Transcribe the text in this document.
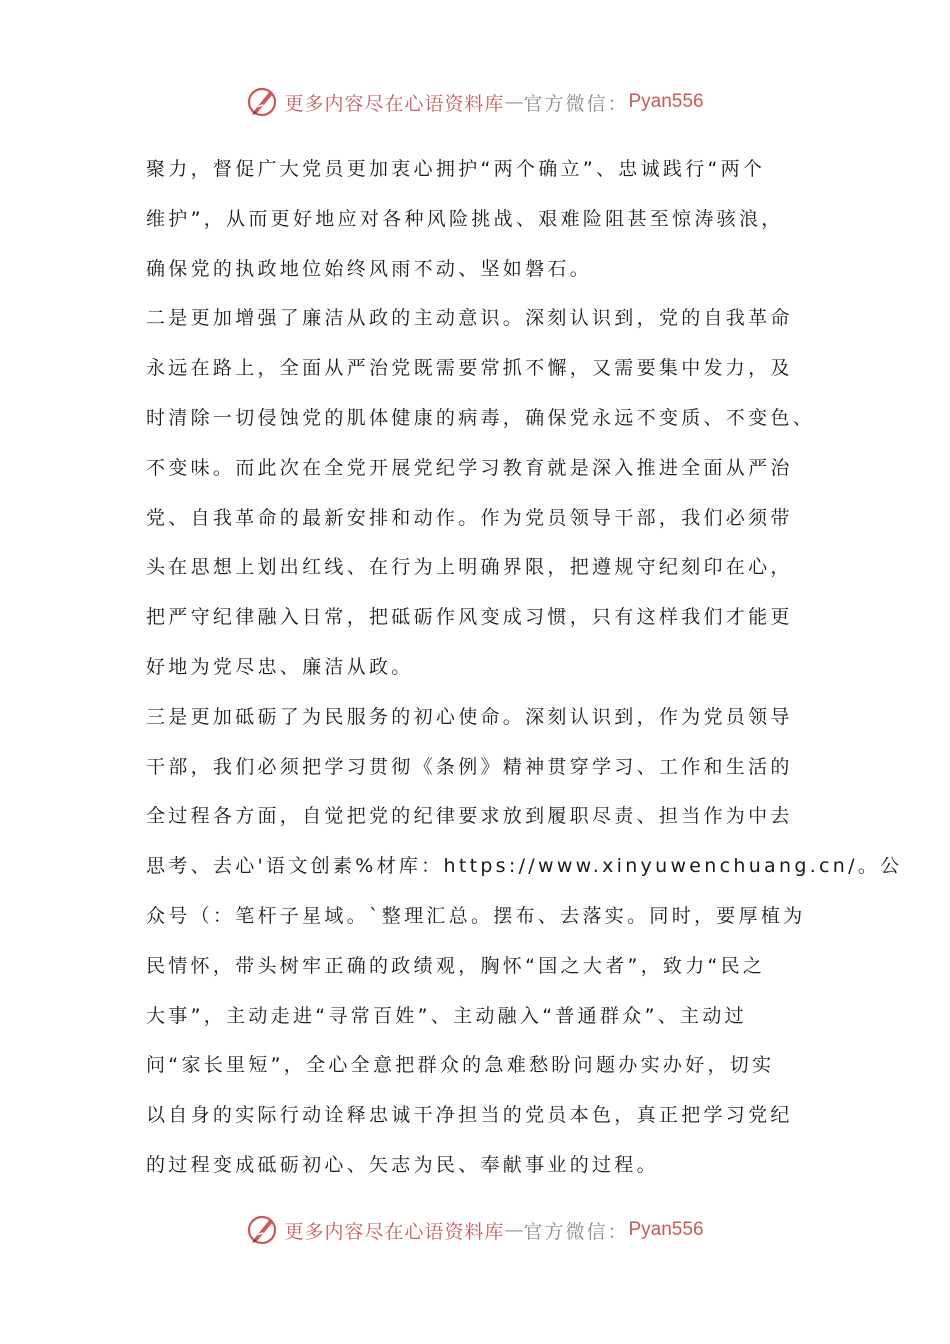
更多内容尽在心语资料库 — 官方微信： Pyan556
聚力，督促广大党员更加衷心拥护“两个确立”、忠诚践行“两个
维护”，从而更好地应对各种风险挑战、艰难险阻甚至惊涛骇浪，
确保党的执政地位始终风雨不动、坚如磐石。
二是更加增强了廉洁从政的主动意识。深刻认识到，党的自我革命
永远在路上，全面从严治党既需要常抓不懈，又需要集中发力，及
时清除一切侵蚀党的肌体健康的病毒，确保党永远不变质、不变色、
不变味。而此次在全党开展党纪学习教育就是深入推进全面从严治
党、自我革命的最新安排和动作。作为党员领导干部，我们必须带
头在思想上划出红线、在行为上明确界限，把遵规守纪刻印在心，
把严守纪律融入日常，把砥砺作风变成习惯，只有这样我们才能更
好地为党尽忠、廉洁从政。
三是更加砥砺了为民服务的初心使命。深刻认识到，作为党员领导
干部，我们必须把学习贯彻《条例》精神贯穿学习、工作和生活的
全过程各方面，自觉把党的纪律要求放到履职尽责、担当作为中去
思考、去心'语文创素%材库：https://www.xinyuwenchuang.cn/。公
众号（：笔杆子星域。`整理汇总。摆布、去落实。同时，要厚植为
民情怀，带头树牢正确的政绩观，胸怀“国之大者”，致力“民之
大事”，主动走进“寻常百姓”、主动融入“普通群众”、主动过
问“家长里短”，全心全意把群众的急难愁盼问题办实办好，切实
以自身的实际行动诠释忠诚干净担当的党员本色，真正把学习党纪
的过程变成砥砺初心、矢志为民、奉献事业的过程。
更多内容尽在心语资料库 — 官方微信： Pyan556
